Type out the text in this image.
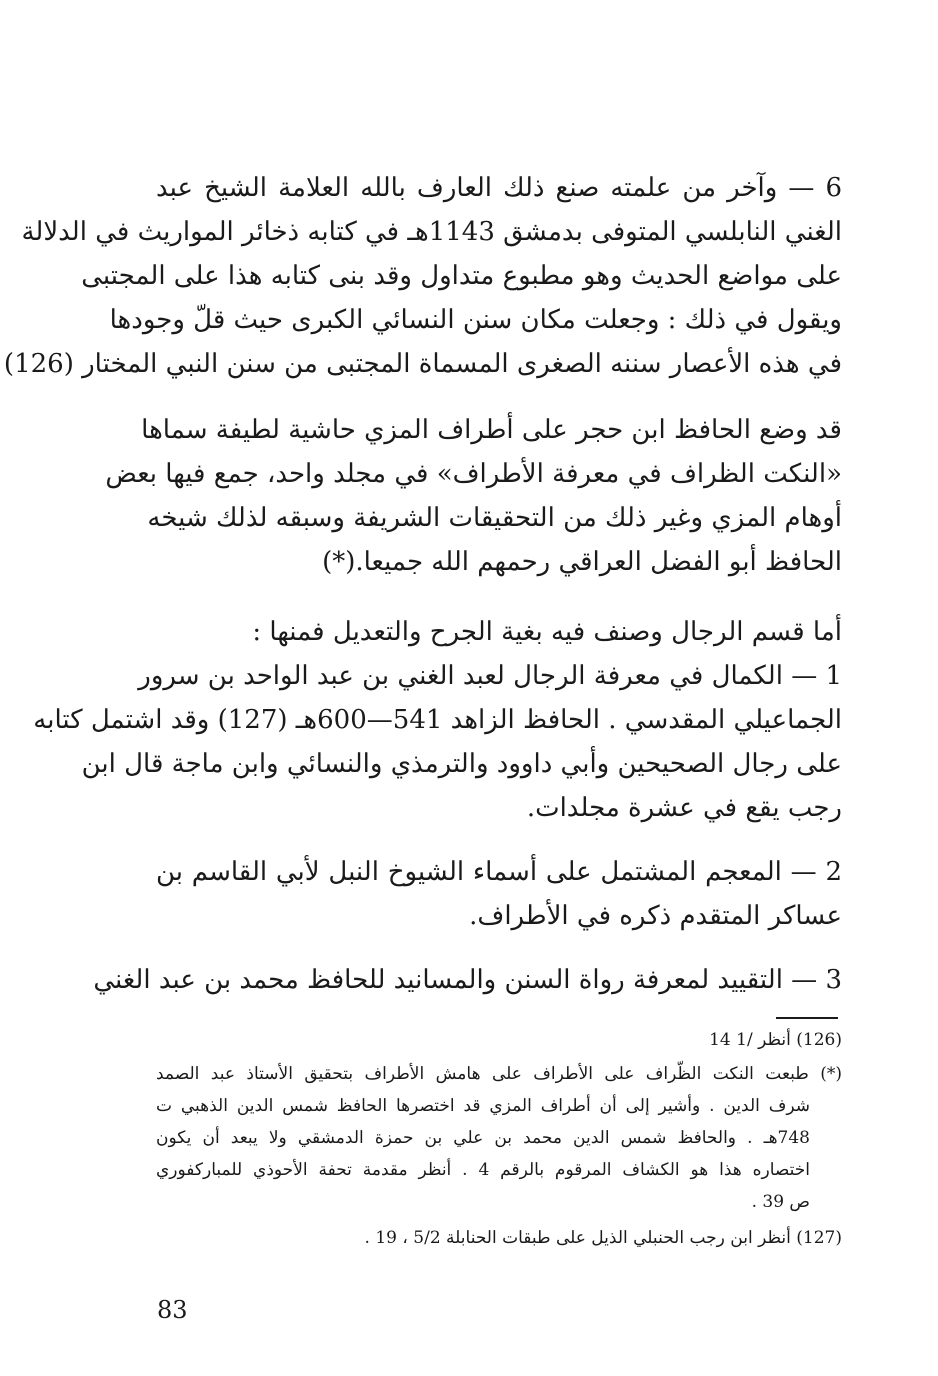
6 — وآخر من علمته صنع ذلك العارف بالله العلامة الشيخ عبد
الغني النابلسي المتوفى بدمشق 1143هـ في كتابه ذخائر المواريث في الدلالة
على مواضع الحديث وهو مطبوع متداول وقد بنى كتابه هذا على المجتبى
ويقول في ذلك : وجعلت مكان سنن النسائي الكبرى حيث قلّ وجودها
في هذه الأعصار سننه الصغرى المسماة المجتبى من سنن النبي المختار (126)
قد وضع الحافظ ابن حجر على أطراف المزي حاشية لطيفة سماها
«النكت الظراف في معرفة الأطراف» في مجلد واحد، جمع فيها بعض
أوهام المزي وغير ذلك من التحقيقات الشريفة وسبقه لذلك شيخه
الحافظ أبو الفضل العراقي رحمهم الله جميعا.(*)
أما قسم الرجال وصنف فيه بغية الجرح والتعديل فمنها :
1 — الكمال في معرفة الرجال لعبد الغني بن عبد الواحد بن سرور
الجماعيلي المقدسي . الحافظ الزاهد 541—600هـ (127) وقد اشتمل كتابه
على رجال الصحيحين وأبي داوود والترمذي والنسائي وابن ماجة قال ابن
رجب يقع في عشرة مجلدات.
2 — المعجم المشتمل على أسماء الشيوخ النبل لأبي القاسم بن
عساكر المتقدم ذكره في الأطراف.
3 — التقييد لمعرفة رواة السنن والمسانيد للحافظ محمد بن عبد الغني
(126) أنظر /1 14
(*) طبعت النكت الظّراف على الأطراف على هامش الأطراف بتحقيق الأستاذ عبد الصمد
شرف الدين . وأشير إلى أن أطراف المزي قد اختصرها الحافظ شمس الدين الذهبي ت
748هـ . والحافظ شمس الدين محمد بن علي بن حمزة الدمشقي ولا يبعد أن يكون
اختصاره هذا هو الكشاف المرقوم بالرقم 4 . أنظر مقدمة تحفة الأحوذي للمباركفوري
ص 39 .
(127) أنظر ابن رجب الحنبلي الذيل على طبقات الحنابلة 5/2 ، 19 .
83
